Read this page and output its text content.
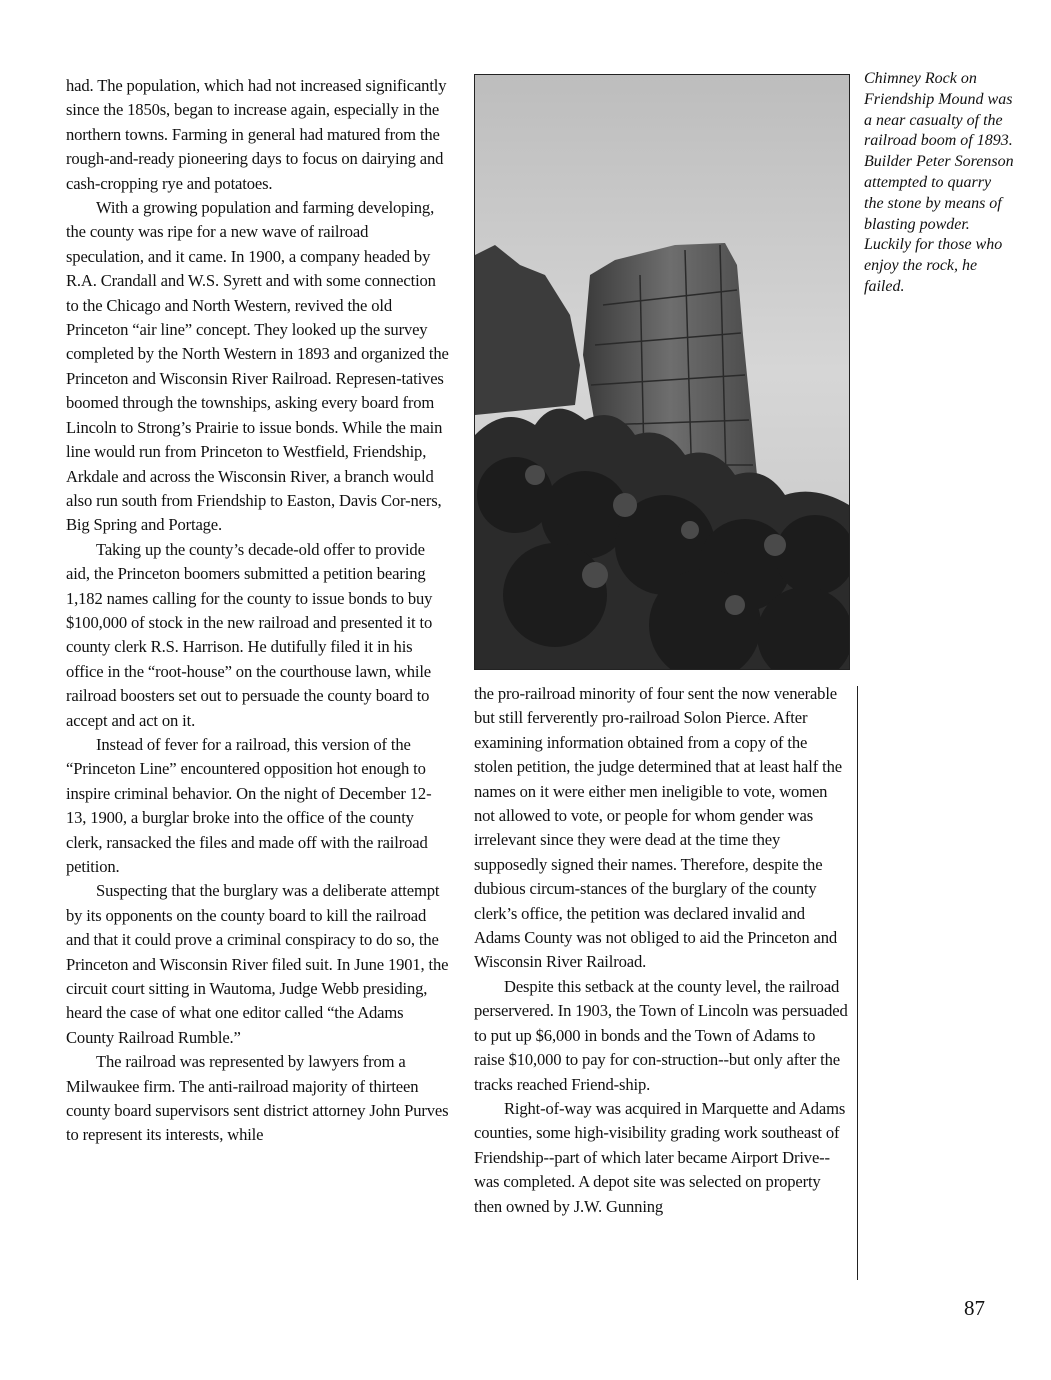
had. The population, which had not increased significantly since the 1850s, began to increase again, especially in the northern towns. Farming in general had matured from the rough-and-ready pioneering days to focus on dairying and cash-cropping rye and potatoes.

With a growing population and farming developing, the county was ripe for a new wave of railroad speculation, and it came. In 1900, a company headed by R.A. Crandall and W.S. Syrett and with some connection to the Chicago and North Western, revived the old Princeton “air line” concept. They looked up the survey completed by the North Western in 1893 and organized the Princeton and Wisconsin River Railroad. Represen-tatives boomed through the townships, asking every board from Lincoln to Strong’s Prairie to issue bonds. While the main line would run from Princeton to Westfield, Friendship, Arkdale and across the Wisconsin River, a branch would also run south from Friendship to Easton, Davis Cor-ners, Big Spring and Portage.

Taking up the county’s decade-old offer to provide aid, the Princeton boomers submitted a petition bearing 1,182 names calling for the county to issue bonds to buy $100,000 of stock in the new railroad and presented it to county clerk R.S. Harrison. He dutifully filed it in his office in the “root-house” on the courthouse lawn, while railroad boosters set out to persuade the county board to accept and act on it.

Instead of fever for a railroad, this version of the “Princeton Line” encountered opposition hot enough to inspire criminal behavior. On the night of December 12-13, 1900, a burglar broke into the office of the county clerk, ransacked the files and made off with the railroad petition.

Suspecting that the burglary was a deliberate attempt by its opponents on the county board to kill the railroad and that it could prove a criminal conspiracy to do so, the Princeton and Wisconsin River filed suit. In June 1901, the circuit court sitting in Wautoma, Judge Webb presiding, heard the case of what one editor called “the Adams County Railroad Rumble.”

The railroad was represented by lawyers from a Milwaukee firm. The anti-railroad majority of thirteen county board supervisors sent district attorney John Purves to represent its interests, while

Chimney Rock on Friendship Mound was a near casualty of the railroad boom of 1893. Builder Peter Sorenson attempted to quarry the stone by means of blasting powder. Luckily for those who enjoy the rock, he failed.

the pro-railroad minority of four sent the now venerable but still ferverently pro-railroad Solon Pierce. After examining information obtained from a copy of the stolen petition, the judge determined that at least half the names on it were either men ineligible to vote, women not allowed to vote, or people for whom gender was irrelevant since they were dead at the time they supposedly signed their names. Therefore, despite the dubious circum-stances of the burglary of the county clerk’s office, the petition was declared invalid and Adams County was not obliged to aid the Princeton and Wisconsin River Railroad.

Despite this setback at the county level, the railroad perservered. In 1903, the Town of Lincoln was persuaded to put up $6,000 in bonds and the Town of Adams to raise $10,000 to pay for con-struction--but only after the tracks reached Friend-ship.

Right-of-way was acquired in Marquette and Adams counties, some high-visibility grading work southeast of Friendship--part of which later became Airport Drive--was completed. A depot site was selected on property then owned by J.W. Gunning

87
